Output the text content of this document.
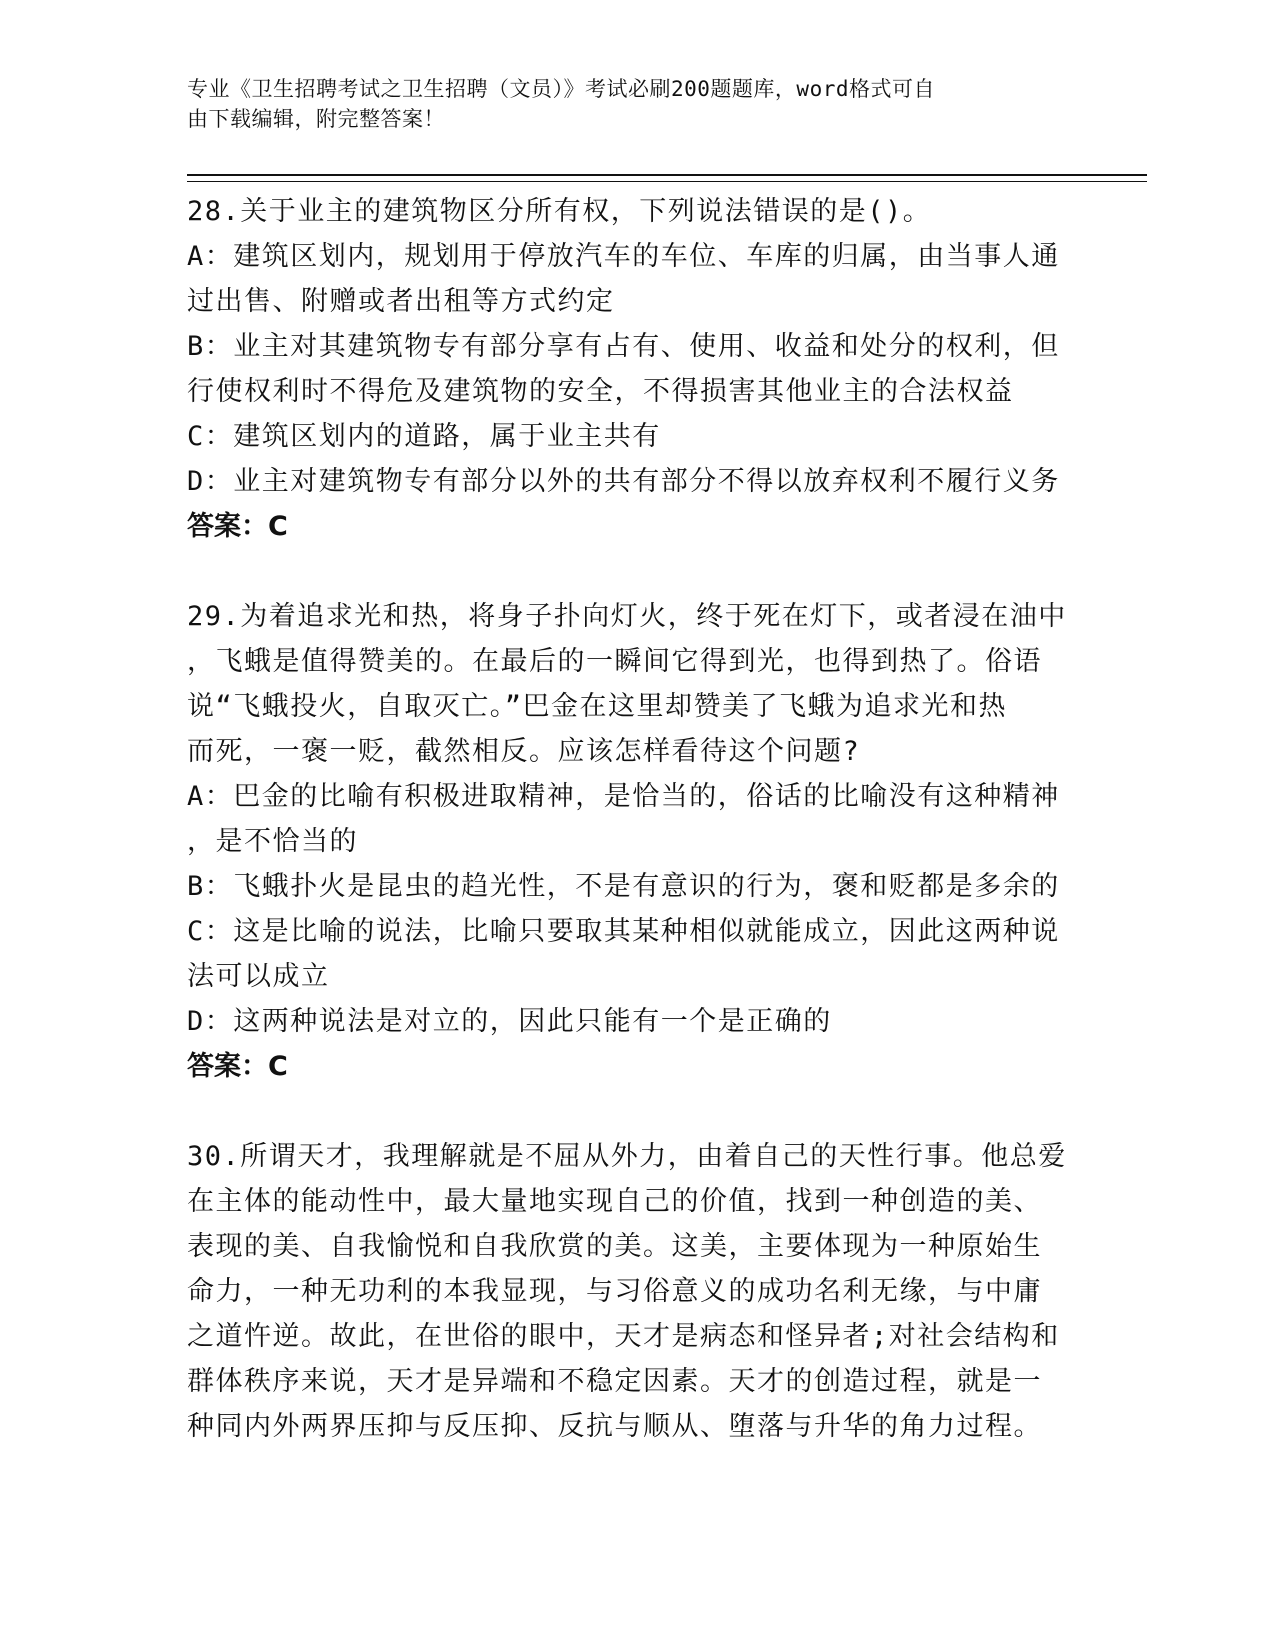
专业《卫生招聘考试之卫生招聘（文员）》考试必刷200题题库，word格式可自
由下载编辑，附完整答案！
28.关于业主的建筑物区分所有权，下列说法错误的是()。
A：建筑区划内，规划用于停放汽车的车位、车库的归属，由当事人通
过出售、附赠或者出租等方式约定
B：业主对其建筑物专有部分享有占有、使用、收益和处分的权利，但
行使权利时不得危及建筑物的安全，不得损害其他业主的合法权益
C：建筑区划内的道路，属于业主共有
D：业主对建筑物专有部分以外的共有部分不得以放弃权利不履行义务
答案：C
29.为着追求光和热，将身子扑向灯火，终于死在灯下，或者浸在油中
，飞蛾是值得赞美的。在最后的一瞬间它得到光，也得到热了。俗语
说“飞蛾投火，自取灭亡。”巴金在这里却赞美了飞蛾为追求光和热
而死，一褒一贬，截然相反。应该怎样看待这个问题?
A：巴金的比喻有积极进取精神，是恰当的，俗话的比喻没有这种精神
，是不恰当的
B：飞蛾扑火是昆虫的趋光性，不是有意识的行为，褒和贬都是多余的
C：这是比喻的说法，比喻只要取其某种相似就能成立，因此这两种说
法可以成立
D：这两种说法是对立的，因此只能有一个是正确的
答案：C
30.所谓天才，我理解就是不屈从外力，由着自己的天性行事。他总爱
在主体的能动性中，最大量地实现自己的价值，找到一种创造的美、
表现的美、自我愉悦和自我欣赏的美。这美，主要体现为一种原始生
命力，一种无功利的本我显现，与习俗意义的成功名利无缘，与中庸
之道忤逆。故此，在世俗的眼中，天才是病态和怪异者;对社会结构和
群体秩序来说，天才是异端和不稳定因素。天才的创造过程，就是一
种同内外两界压抑与反压抑、反抗与顺从、堕落与升华的角力过程。
